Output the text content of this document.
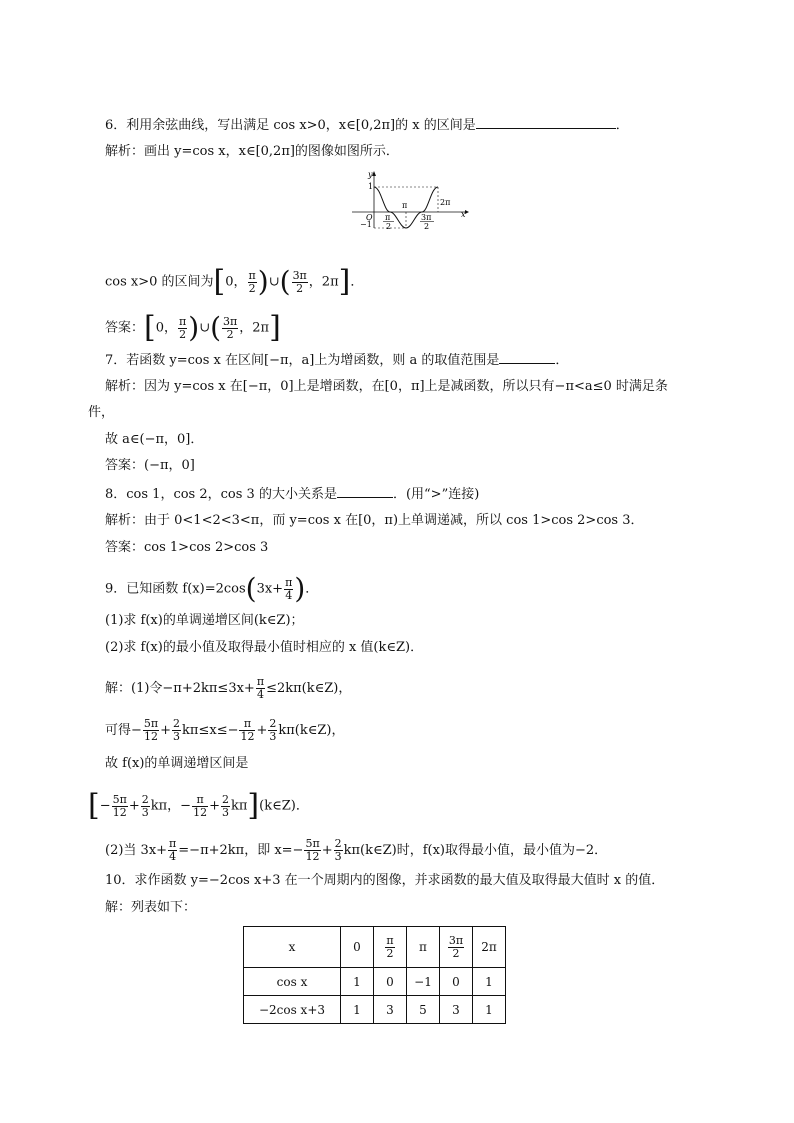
6．利用余弦曲线，写出满足 cos x>0，x∈[0,2π]的 x 的区间是	．
解析：画出 y=cos x，x∈[0,2π]的图像如图所示．
y
1
−1
O
π	2π
x
π
2
3π
2
cos x>0 的区间为[0， $\frac{\pi}{2}$ )∪( $\frac{3\pi}{2}$ ，2π]．
答案：[0， $\frac{\pi}{2}$ )∪( $\frac{3\pi}{2}$ ，2π]
7．若函数 y=cos x 在区间[−π，a]上为增函数，则 a 的取值范围是	．
解析：因为 y=cos x 在[−π，0]上是增函数，在[0，π]上是减函数，所以只有−π<a≤0 时满足条
件，
故 a∈(−π，0]．
答案：(−π，0]
8．cos 1，cos 2，cos 3 的大小关系是	．(用“>”连接)
解析：由于 0<1<2<3<π，而 y=cos x 在[0，π)上单调递减，所以 cos 1>cos 2>cos 3．
答案：cos 1>cos 2>cos 3
9．已知函数 $f(x)=2\cos(3x+ \frac{\pi}{4}$ )．
(1)求 f(x)的单调递增区间(k∈Z)；
(2)求 f(x)的最小值及取得最小值时相应的 x 值(k∈Z)．
解：(1)令$-\pi+2k\pi\le 3x+ \frac{\pi}{4}$ ≤2kπ(k∈Z)，
可得− $\frac{5\pi}{12} + \frac{2}{3} k\pi\le x\le- \frac{\pi}{12} + \frac{2}{3}$ kπ(k∈Z)，
故 f(x)的单调递增区间是
[− $\frac{5\pi}{12} + \frac{2}{3}$ kπ，− $\frac{\pi}{12} + \frac{2}{3}$ kπ](k∈Z)．
(2)当 $3x+ \frac{\pi}{4} =-\pi+2k\pi$，即 $x=- \frac{5\pi}{12} + \frac{2}{3}$ kπ(k∈Z)时，f(x)取得最小值，最小值为−2．
10．求作函数 y=−2cos x+3 在一个周期内的图像，并求函数的最大值及取得最大值时 x 的值．
解：列表如下：
x	0	$\frac{\pi}{2}$	π	$\frac{3\pi}{2}$	2π
cos x	1	0	−1	0	1
−2cos x+3	1	3	5	3	1
